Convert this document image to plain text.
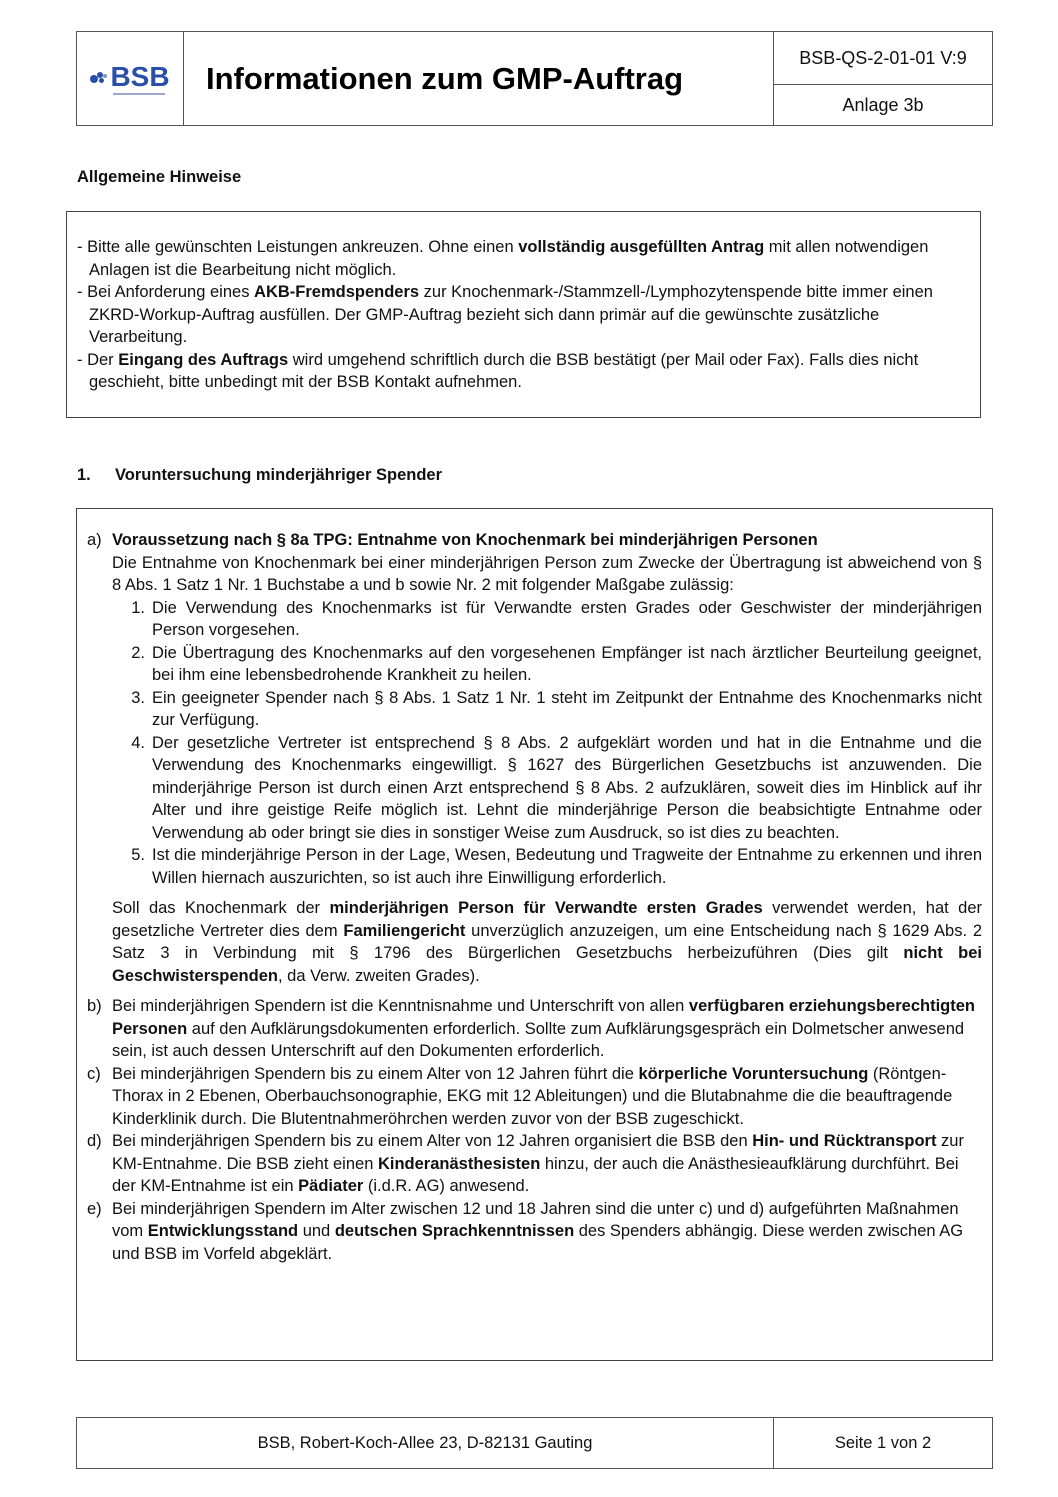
BSB	Informationen zum GMP-Auftrag
BSB-QS-2-01-01 V:9
Anlage 3b
Allgemeine Hinweise
- Bitte alle gewünschten Leistungen ankreuzen. Ohne einen vollständig ausgefüllten Antrag mit allen notwendigen Anlagen ist die Bearbeitung nicht möglich.
- Bei Anforderung eines AKB-Fremdspenders zur Knochenmark-/Stammzell-/Lymphozytenspende bitte immer einen ZKRD-Workup-Auftrag ausfüllen. Der GMP-Auftrag bezieht sich dann primär auf die gewünschte zusätzliche Verarbeitung.
- Der Eingang des Auftrags wird umgehend schriftlich durch die BSB bestätigt (per Mail oder Fax). Falls dies nicht geschieht, bitte unbedingt mit der BSB Kontakt aufnehmen.
1. Voruntersuchung minderjähriger Spender
a) Voraussetzung nach § 8a TPG: Entnahme von Knochenmark bei minderjährigen Personen
Die Entnahme von Knochenmark bei einer minderjährigen Person zum Zwecke der Übertragung ist abweichend von § 8 Abs. 1 Satz 1 Nr. 1 Buchstabe a und b sowie Nr. 2 mit folgender Maßgabe zulässig:
1. Die Verwendung des Knochenmarks ist für Verwandte ersten Grades oder Geschwister der minderjährigen Person vorgesehen.
2. Die Übertragung des Knochenmarks auf den vorgesehenen Empfänger ist nach ärztlicher Beurteilung geeignet, bei ihm eine lebensbedrohende Krankheit zu heilen.
3. Ein geeigneter Spender nach § 8 Abs. 1 Satz 1 Nr. 1 steht im Zeitpunkt der Entnahme des Knochenmarks nicht zur Verfügung.
4. Der gesetzliche Vertreter ist entsprechend § 8 Abs. 2 aufgeklärt worden und hat in die Entnahme und die Verwendung des Knochenmarks eingewilligt. § 1627 des Bürgerlichen Gesetzbuchs ist anzuwenden. Die minderjährige Person ist durch einen Arzt entsprechend § 8 Abs. 2 aufzuklären, soweit dies im Hinblick auf ihr Alter und ihre geistige Reife möglich ist. Lehnt die minderjährige Person die beabsichtigte Entnahme oder Verwendung ab oder bringt sie dies in sonstiger Weise zum Ausdruck, so ist dies zu beachten.
5. Ist die minderjährige Person in der Lage, Wesen, Bedeutung und Tragweite der Entnahme zu erkennen und ihren Willen hiernach auszurichten, so ist auch ihre Einwilligung erforderlich.
Soll das Knochenmark der minderjährigen Person für Verwandte ersten Grades verwendet werden, hat der gesetzliche Vertreter dies dem Familiengericht unverzüglich anzuzeigen, um eine Entscheidung nach § 1629 Abs. 2 Satz 3 in Verbindung mit § 1796 des Bürgerlichen Gesetzbuchs herbeizuführen (Dies gilt nicht bei Geschwisterspenden, da Verw. zweiten Grades).
b) Bei minderjährigen Spendern ist die Kenntnisnahme und Unterschrift von allen verfügbaren erziehungsberechtigten Personen auf den Aufklärungsdokumenten erforderlich. Sollte zum Aufklärungsgespräch ein Dolmetscher anwesend sein, ist auch dessen Unterschrift auf den Dokumenten erforderlich.
c) Bei minderjährigen Spendern bis zu einem Alter von 12 Jahren führt die körperliche Voruntersuchung (Röntgen-Thorax in 2 Ebenen, Oberbauchsonographie, EKG mit 12 Ableitungen) und die Blutabnahme die die beauftragende Kinderklinik durch. Die Blutentnahmeröhrchen werden zuvor von der BSB zugeschickt.
d) Bei minderjährigen Spendern bis zu einem Alter von 12 Jahren organisiert die BSB den Hin- und Rücktransport zur KM-Entnahme. Die BSB zieht einen Kinderanästhesisten hinzu, der auch die Anästhesieaufklärung durchführt. Bei der KM-Entnahme ist ein Pädiater (i.d.R. AG) anwesend.
e) Bei minderjährigen Spendern im Alter zwischen 12 und 18 Jahren sind die unter c) und d) aufgeführten Maßnahmen vom Entwicklungsstand und deutschen Sprachkenntnissen des Spenders abhängig. Diese werden zwischen AG und BSB im Vorfeld abgeklärt.
BSB, Robert-Koch-Allee 23, D-82131 Gauting	Seite 1 von 2
